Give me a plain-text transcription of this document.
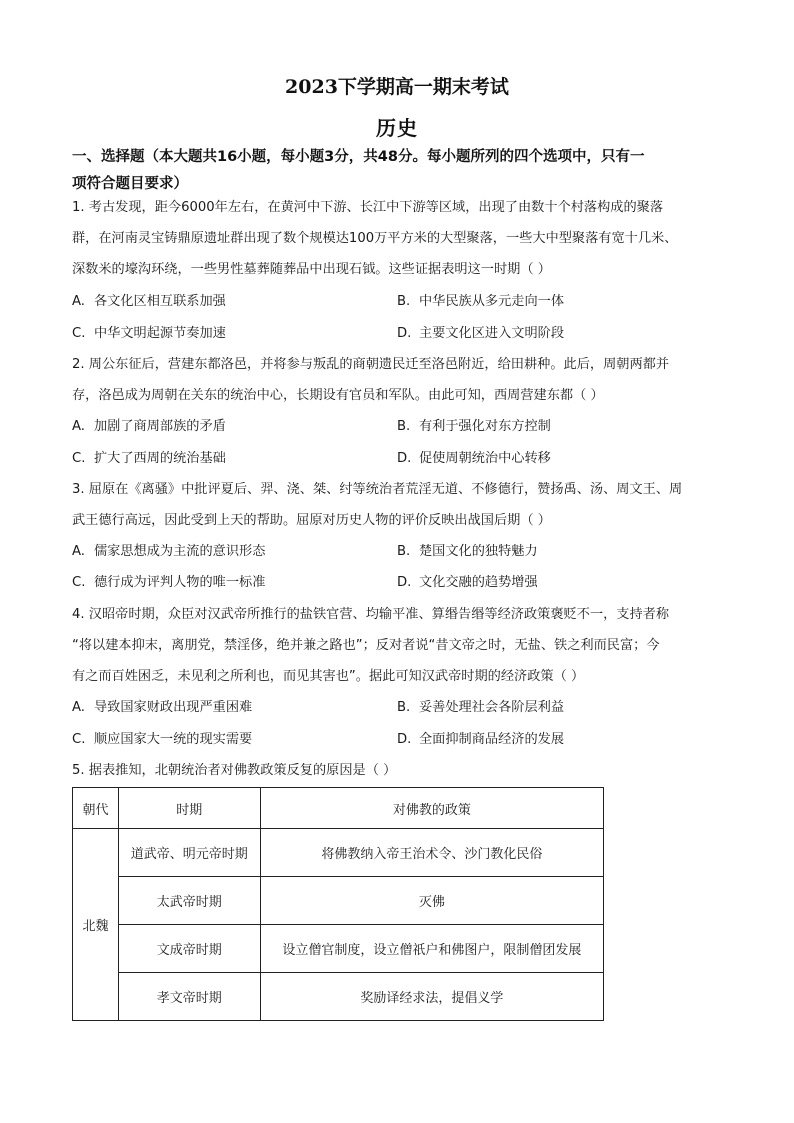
2023下学期高一期末考试
历史
一、选择题（本大题共16小题，每小题3分，共48分。每小题所列的四个选项中，只有一
项符合题目要求）
1. 考古发现，距今6000年左右，在黄河中下游、长江中下游等区域，出现了由数十个村落构成的聚落
群，在河南灵宝铸鼎原遗址群出现了数个规模达100万平方米的大型聚落，一些大中型聚落有宽十几米、
深数米的壕沟环绕，一些男性墓葬随葬品中出现石钺。这些证据表明这一时期（ ）
A. 各文化区相互联系加强	B. 中华民族从多元走向一体
C. 中华文明起源节奏加速	D. 主要文化区进入文明阶段
2. 周公东征后，营建东都洛邑，并将参与叛乱的商朝遗民迁至洛邑附近，给田耕种。此后，周朝两都并
存，洛邑成为周朝在关东的统治中心，长期设有官员和军队。由此可知，西周营建东都（ ）
A. 加剧了商周部族的矛盾	B. 有利于强化对东方控制
C. 扩大了西周的统治基础	D. 促使周朝统治中心转移
3. 屈原在《离骚》中批评夏后、羿、浇、桀、纣等统治者荒淫无道、不修德行，赞扬禹、汤、周文王、周
武王德行高远，因此受到上天的帮助。屈原对历史人物的评价反映出战国后期（ ）
A. 儒家思想成为主流的意识形态	B. 楚国文化的独特魅力
C. 德行成为评判人物的唯一标准	D. 文化交融的趋势增强
4. 汉昭帝时期，众臣对汉武帝所推行的盐铁官营、均输平准、算缗告缗等经济政策褒贬不一，支持者称
“将以建本抑末，离朋党，禁淫侈，绝并兼之路也”；反对者说“昔文帝之时，无盐、铁之利而民富；今
有之而百姓困乏，未见利之所利也，而见其害也”。据此可知汉武帝时期的经济政策（ ）
A. 导致国家财政出现严重困难	B. 妥善处理社会各阶层利益
C. 顺应国家大一统的现实需要	D. 全面抑制商品经济的发展
5. 据表推知，北朝统治者对佛教政策反复的原因是（ ）
朝代	时期	对佛教的政策
北魏	道武帝、明元帝时期	将佛教纳入帝王治术令、沙门教化民俗
	太武帝时期	灭佛
	文成帝时期	设立僧官制度，设立僧祇户和佛图户，限制僧团发展
	孝文帝时期	奖励译经求法，提倡义学
